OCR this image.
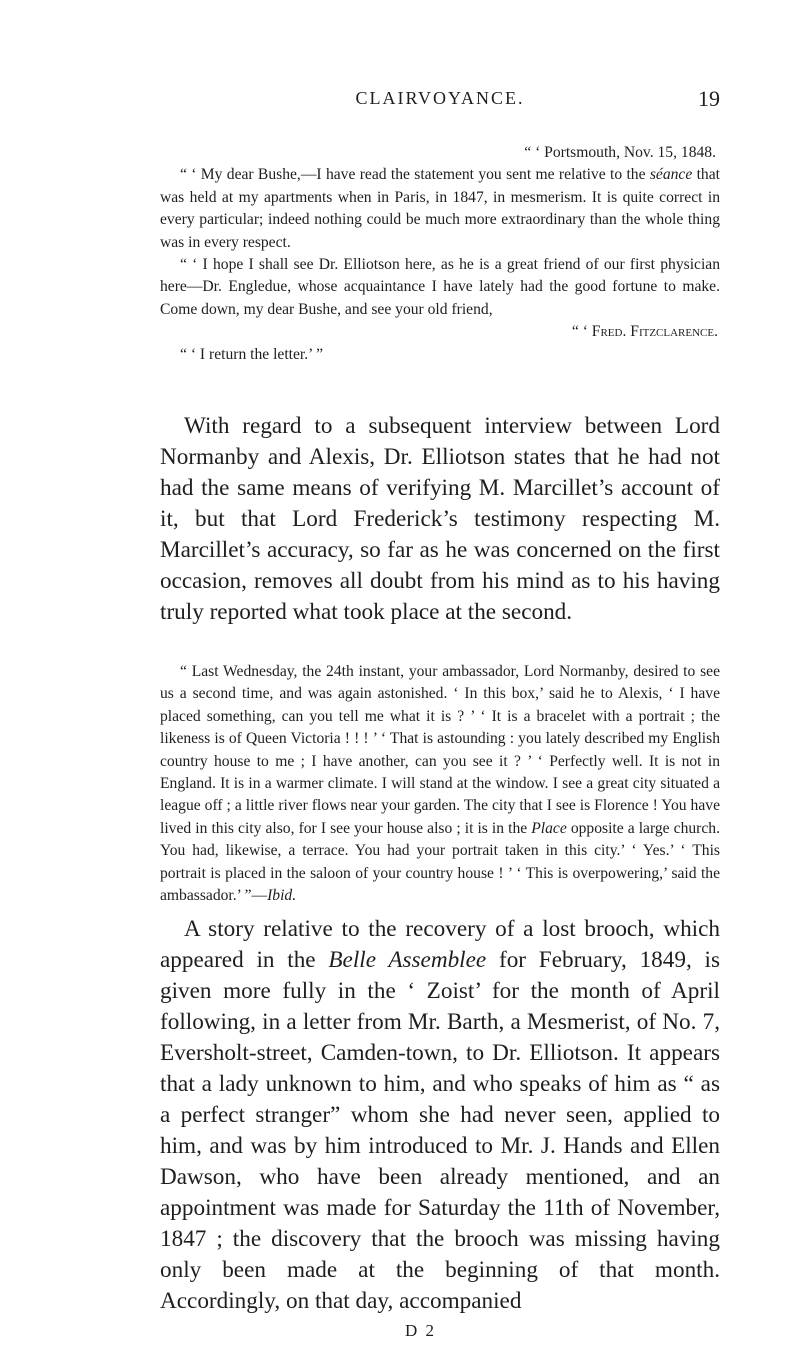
CLAIRVOYANCE.	19

“ ‘ Portsmouth, Nov. 15, 1848.

“ ‘ My dear Bushe,—I have read the statement you sent me relative to the séance that was held at my apartments when in Paris, in 1847, in mesmerism. It is quite correct in every particular; indeed nothing could be much more extraordinary than the whole thing was in every respect.

“ ‘ I hope I shall see Dr. Elliotson here, as he is a great friend of our first physician here—Dr. Engledue, whose acquaintance I have lately had the good fortune to make. Come down, my dear Bushe, and see your old friend,

“ ‘ Fred. Fitzclarence.

“ ‘ I return the letter.’ ”

With regard to a subsequent interview between Lord Normanby and Alexis, Dr. Elliotson states that he had not had the same means of verifying M. Marcillet’s account of it, but that Lord Frederick’s testimony respecting M. Marcillet’s accuracy, so far as he was concerned on the first occasion, removes all doubt from his mind as to his having truly reported what took place at the second.

“ Last Wednesday, the 24th instant, your ambassador, Lord Normanby, desired to see us a second time, and was again astonished. ‘ In this box,’ said he to Alexis, ‘ I have placed something, can you tell me what it is ? ’ ‘ It is a bracelet with a portrait ; the likeness is of Queen Victoria ! ! ! ’ ‘ That is astounding : you lately described my English country house to me ; I have another, can you see it ? ’ ‘ Perfectly well. It is not in England. It is in a warmer climate. I will stand at the window. I see a great city situated a league off ; a little river flows near your garden. The city that I see is Florence ! You have lived in this city also, for I see your house also ; it is in the Place opposite a large church. You had, likewise, a terrace. You had your portrait taken in this city.’ ‘ Yes.’ ‘ This portrait is placed in the saloon of your country house ! ’ ‘ This is overpowering,’ said the ambassador.’ ”—Ibid.

A story relative to the recovery of a lost brooch, which appeared in the Belle Assemblee for February, 1849, is given more fully in the ‘ Zoist’ for the month of April following, in a letter from Mr. Barth, a Mesmerist, of No. 7, Eversholt-street, Camden-town, to Dr. Elliotson. It appears that a lady unknown to him, and who speaks of him as “ as a perfect stranger” whom she had never seen, applied to him, and was by him introduced to Mr. J. Hands and Ellen Dawson, who have been already mentioned, and an appointment was made for Saturday the 11th of November, 1847 ; the discovery that the brooch was missing having only been made at the beginning of that month. Accordingly, on that day, accompanied

D 2
